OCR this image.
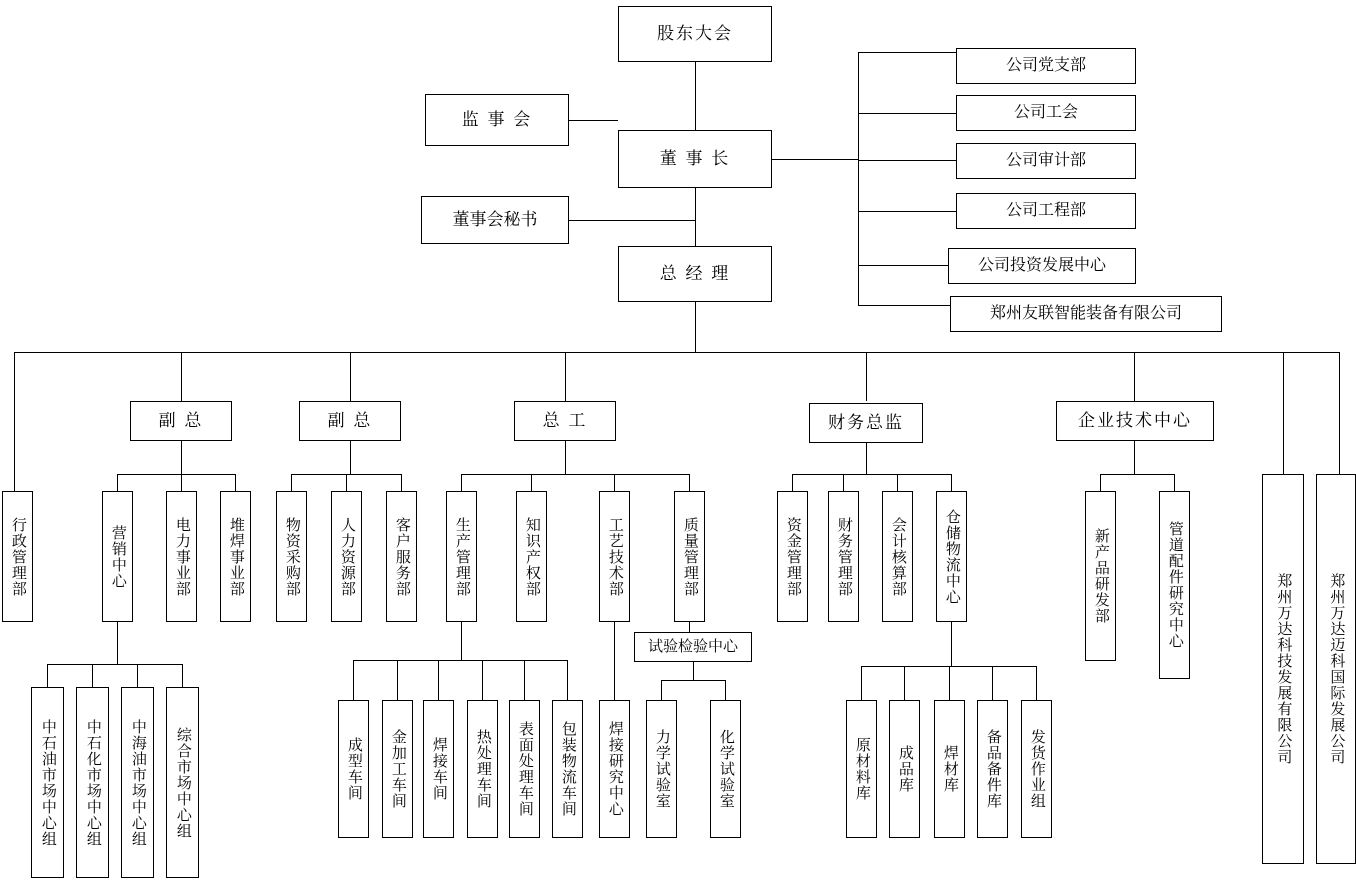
股东大会
监 事 会
董 事 长
董事会秘书
总 经 理
公司党支部
公司工会
公司审计部
公司工程部
公司投资发展中心
郑州友联智能装备有限公司
副 总	副 总	总 工	财务总监	企业技术中心
行政管理部	营销中心	电力事业部 堆焊事业部
中石油市场中心组 中石化市场中心组 中海油市场中心组 综合市场中心组
物资采购部	人力资源部	客户服务部	生产管理部	知识产权部	工艺技术部	质量管理部
成型车间 金加工车间 焊接车间 热处理车间 表面处理车间 包装物流车间 焊接研究中心
试验检验中心
力学试验室	化学试验室
资金管理部 财务管理部 会计核算部 仓储物流中心
原材料库 成品库 焊材库 备品备件库 发货作业组
新产品研发部	管道配件研究中心	郑州万达科技发展有限公司 郑州万达迈科国际发展公司
